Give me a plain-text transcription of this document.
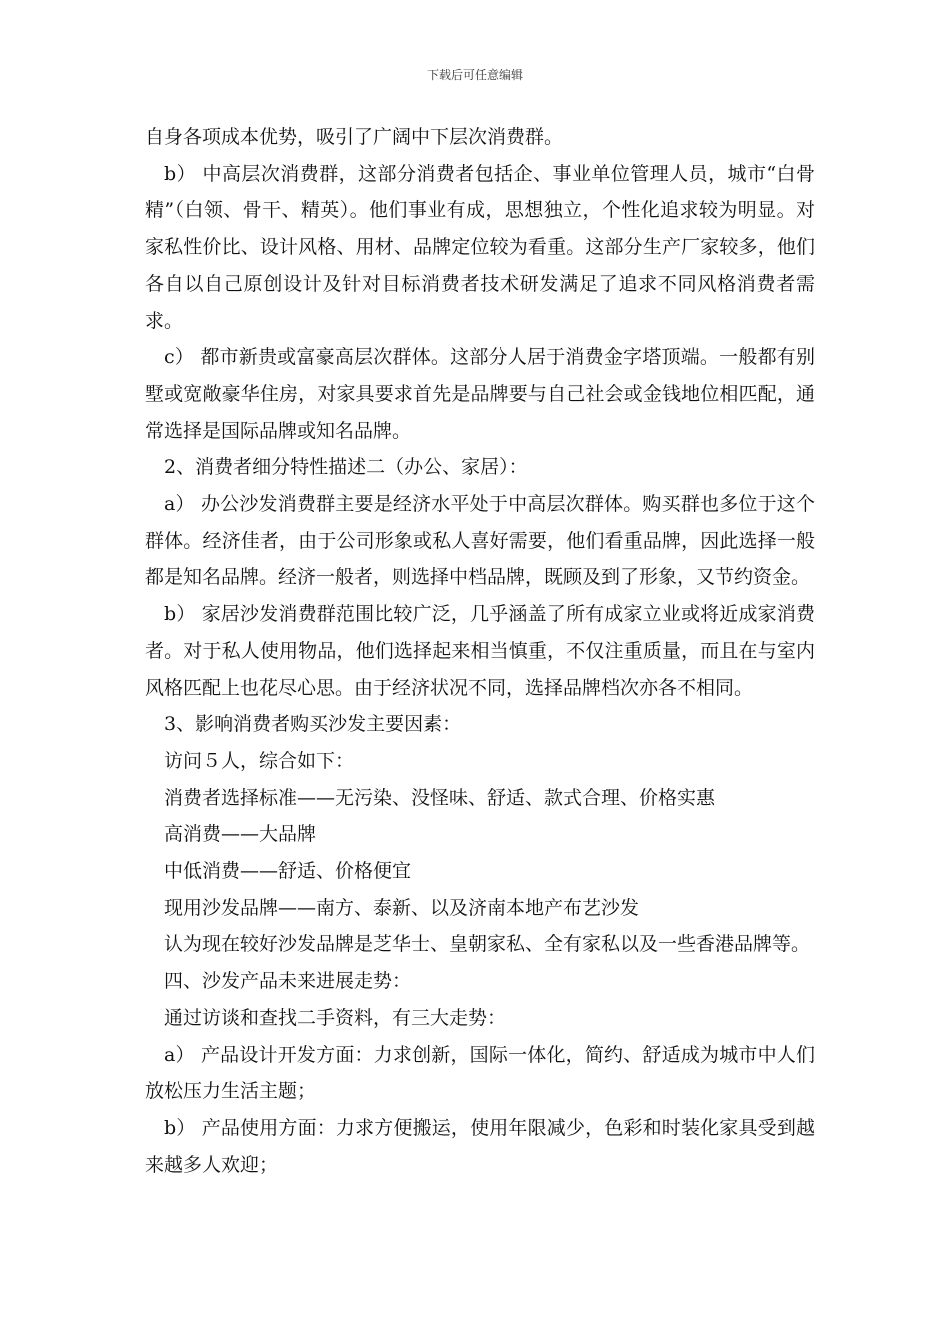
下载后可任意编辑

自身各项成本优势，吸引了广阔中下层次消费群。

b） 中高层次消费群，这部分消费者包括企、事业单位管理人员，城市“白骨精”（白领、骨干、精英）。他们事业有成，思想独立，个性化追求较为明显。对家私性价比、设计风格、用材、品牌定位较为看重。这部分生产厂家较多，他们各自以自己原创设计及针对目标消费者技术研发满足了追求不同风格消费者需求。

c） 都市新贵或富豪高层次群体。这部分人居于消费金字塔顶端。一般都有别墅或宽敞豪华住房，对家具要求首先是品牌要与自己社会或金钱地位相匹配，通常选择是国际品牌或知名品牌。

2、消费者细分特性描述二（办公、家居）：

a） 办公沙发消费群主要是经济水平处于中高层次群体。购买群也多位于这个群体。经济佳者，由于公司形象或私人喜好需要，他们看重品牌，因此选择一般都是知名品牌。经济一般者，则选择中档品牌，既顾及到了形象，又节约资金。

b） 家居沙发消费群范围比较广泛，几乎涵盖了所有成家立业或将近成家消费者。对于私人使用物品，他们选择起来相当慎重，不仅注重质量，而且在与室内风格匹配上也花尽心思。由于经济状况不同，选择品牌档次亦各不相同。

3、影响消费者购买沙发主要因素：

访问５人，综合如下：

消费者选择标准——无污染、没怪味、舒适、款式合理、价格实惠

高消费——大品牌

中低消费——舒适、价格便宜

现用沙发品牌——南方、泰新、以及济南本地产布艺沙发

认为现在较好沙发品牌是芝华士、皇朝家私、全有家私以及一些香港品牌等。

四、沙发产品未来进展走势：

通过访谈和查找二手资料，有三大走势：

a） 产品设计开发方面：力求创新，国际一体化，简约、舒适成为城市中人们放松压力生活主题；

b） 产品使用方面：力求方便搬运，使用年限减少，色彩和时装化家具受到越来越多人欢迎；
